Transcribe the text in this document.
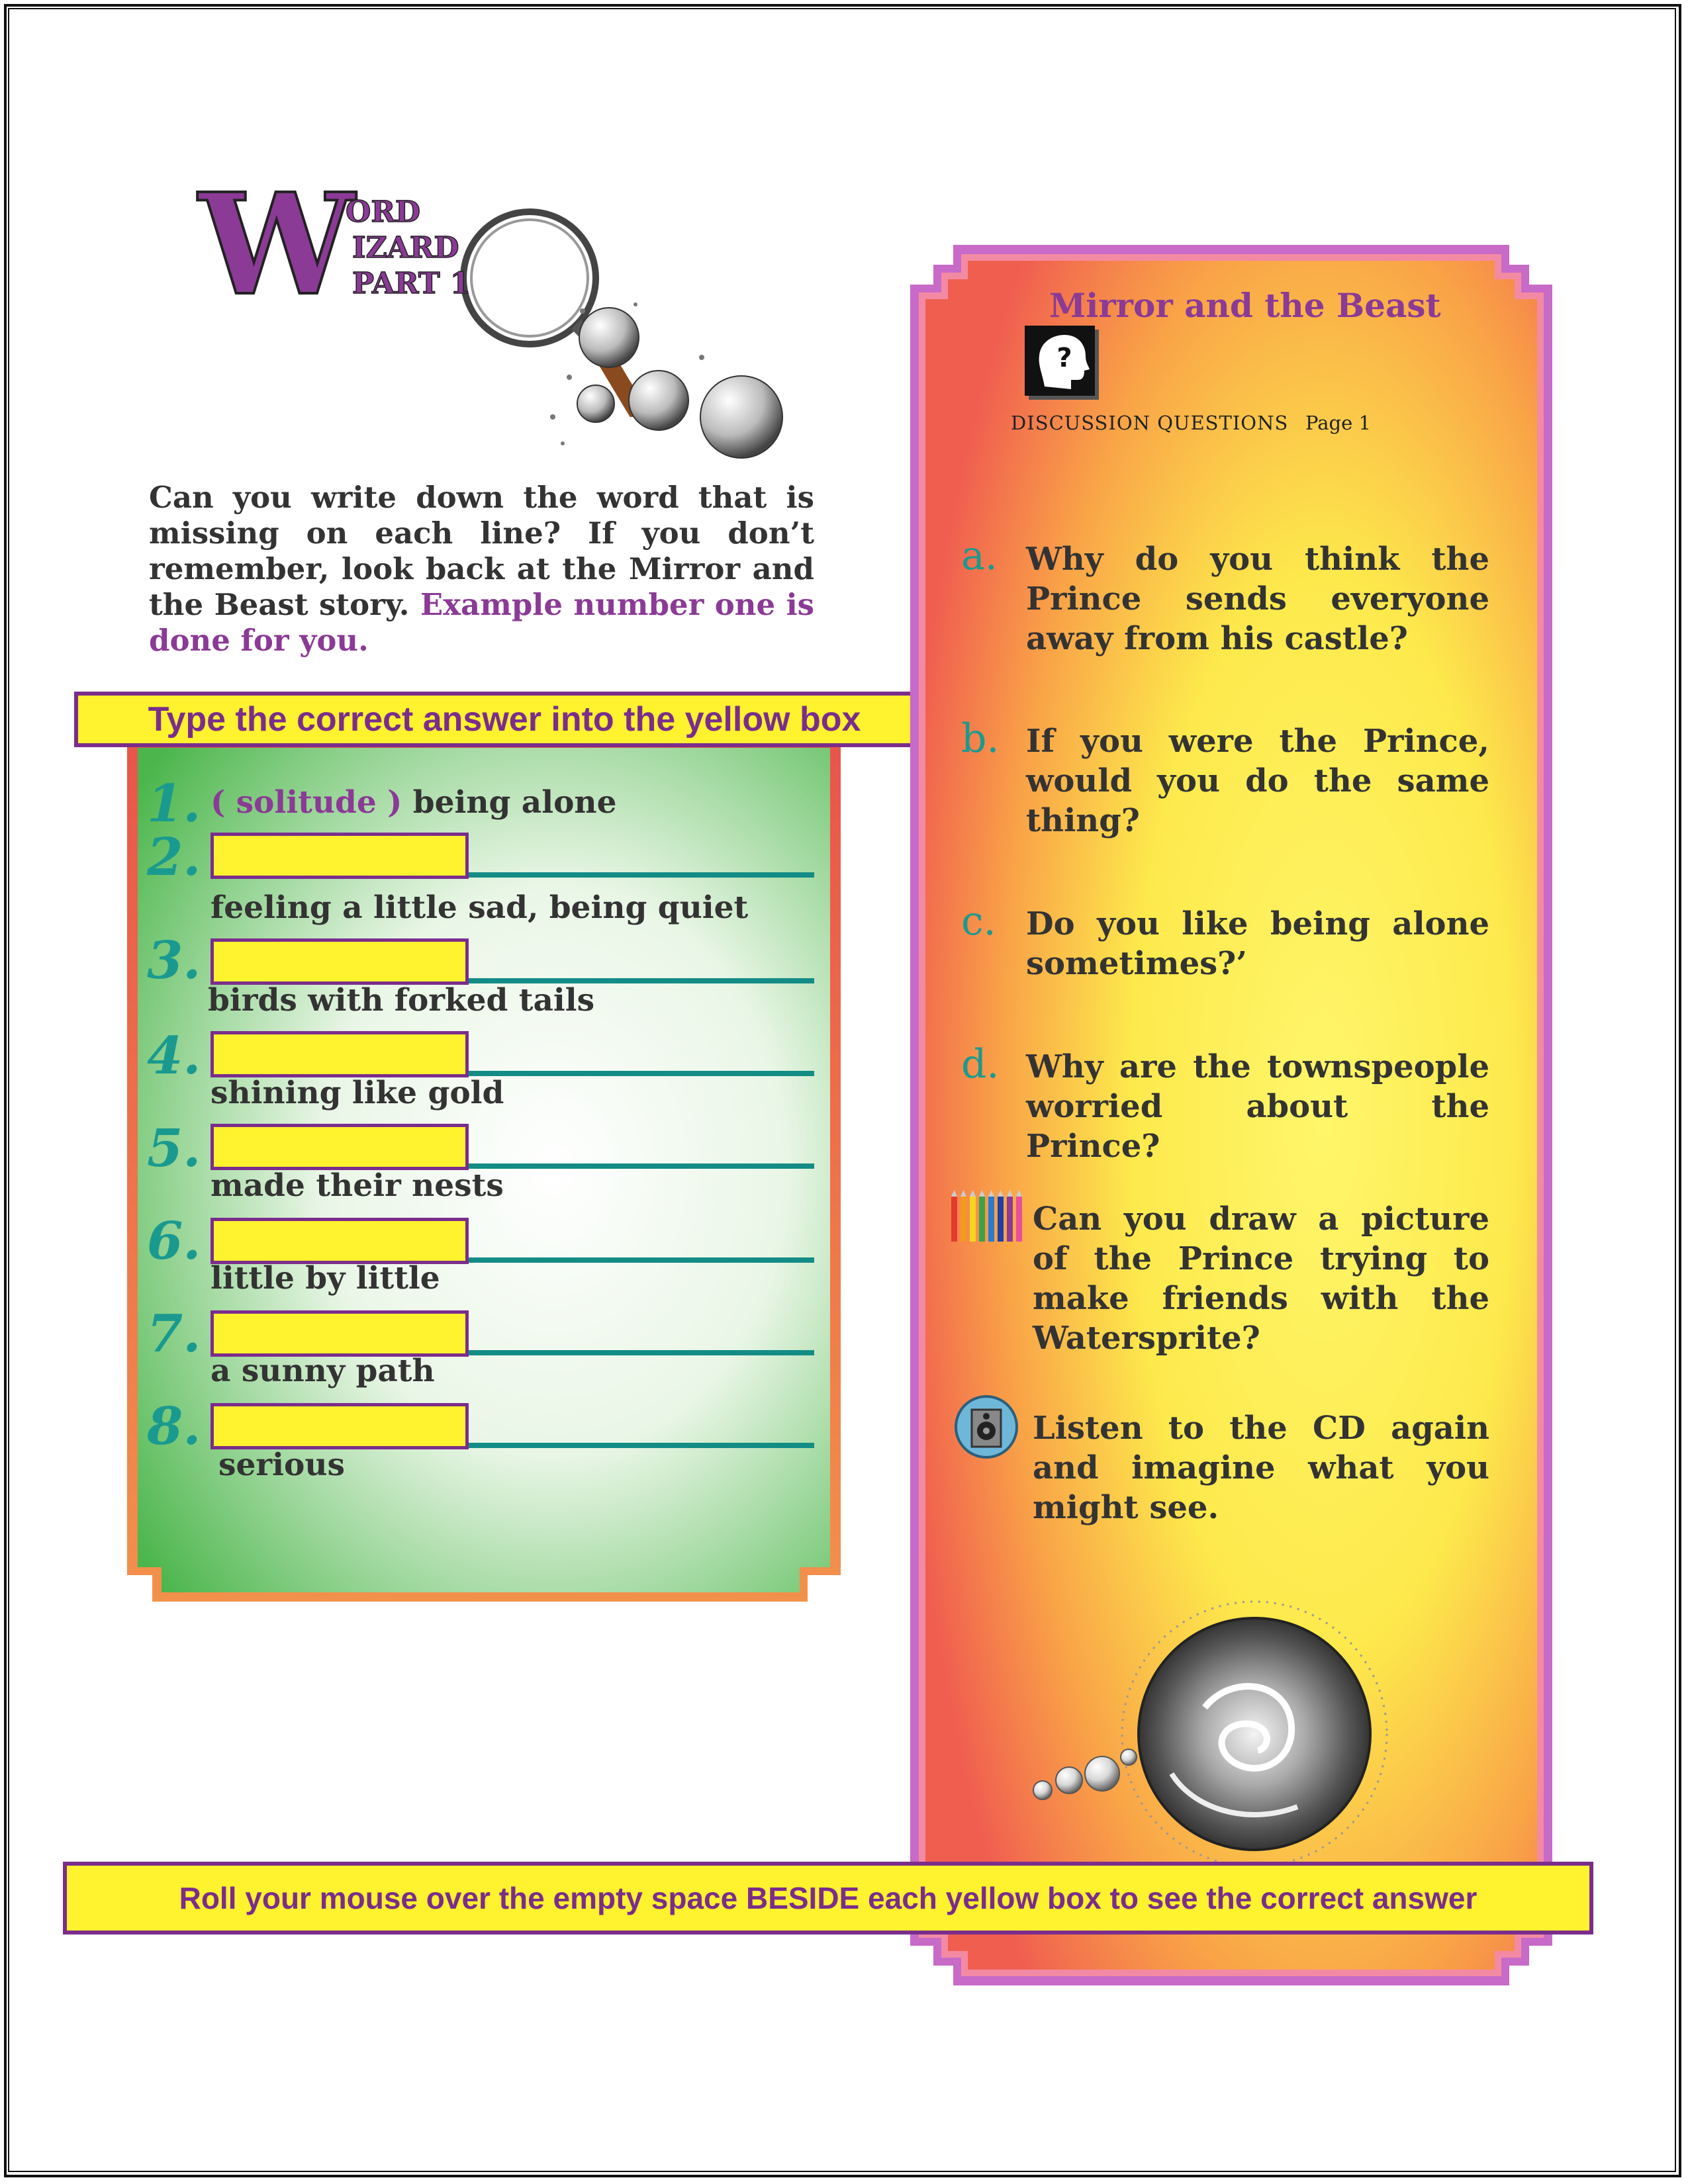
W
ORD
IZARD
PART 1
Can you write down the word that is missing on each line? If you don’t remember, look back at the Mirror and the Beast story. Example number one is done for you.
Type the correct answer into the yellow box
1. ( solitude ) being alone
2.
feeling a little sad, being quiet
3.
birds with forked tails
4.
shining like gold
5.
made their nests
6.
little by little
7.
a sunny path
8.
serious
Mirror and the Beast
?
DISCUSSION QUESTIONS Page 1
a. Why do you think the Prince sends everyone away from his castle?
b. If you were the Prince, would you do the same thing?
c. Do you like being alone sometimes?’
d. Why are the townspeople worried about the Prince?
Can you draw a picture of the Prince trying to make friends with the Watersprite?
Listen to the CD again and imagine what you might see.
Roll your mouse over the empty space BESIDE each yellow box to see the correct answer
